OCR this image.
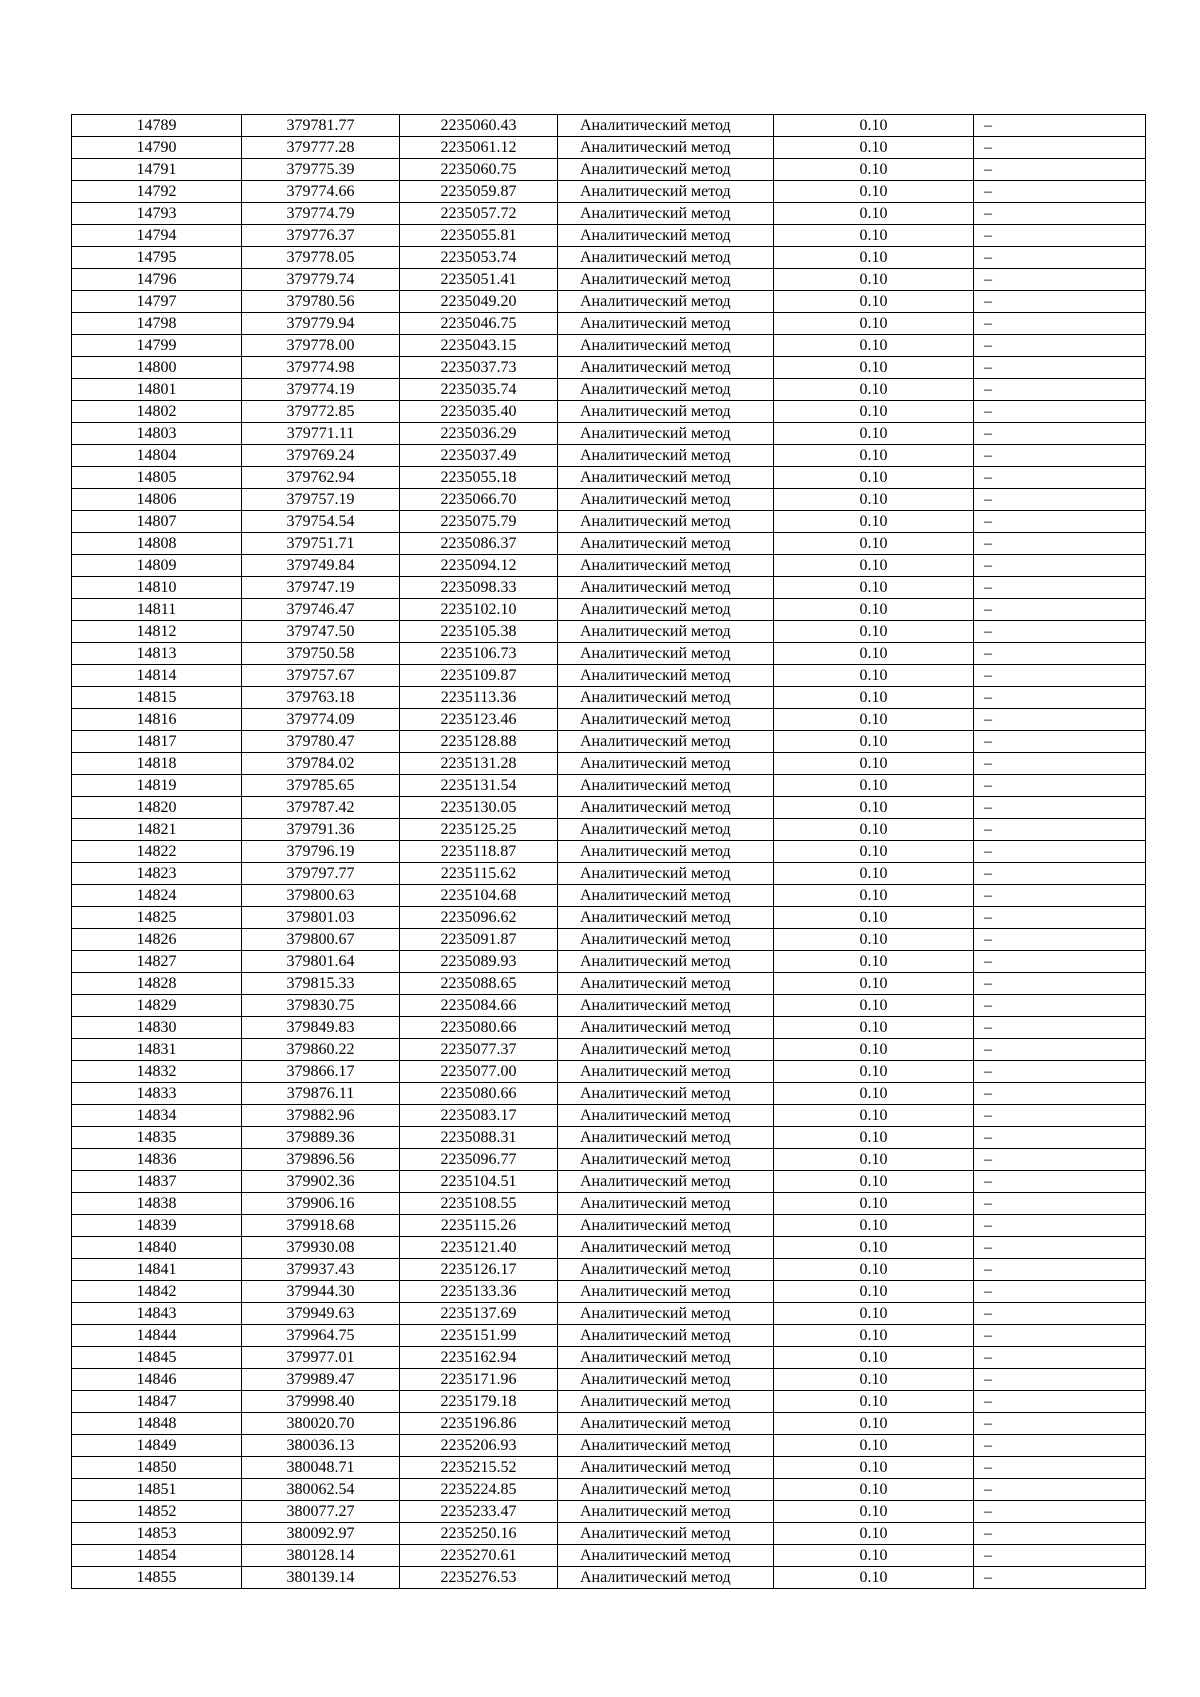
14789	379781.77	2235060.43	Аналитический метод	0.10	–
14790	379777.28	2235061.12	Аналитический метод	0.10	–
14791	379775.39	2235060.75	Аналитический метод	0.10	–
14792	379774.66	2235059.87	Аналитический метод	0.10	–
14793	379774.79	2235057.72	Аналитический метод	0.10	–
14794	379776.37	2235055.81	Аналитический метод	0.10	–
14795	379778.05	2235053.74	Аналитический метод	0.10	–
14796	379779.74	2235051.41	Аналитический метод	0.10	–
14797	379780.56	2235049.20	Аналитический метод	0.10	–
14798	379779.94	2235046.75	Аналитический метод	0.10	–
14799	379778.00	2235043.15	Аналитический метод	0.10	–
14800	379774.98	2235037.73	Аналитический метод	0.10	–
14801	379774.19	2235035.74	Аналитический метод	0.10	–
14802	379772.85	2235035.40	Аналитический метод	0.10	–
14803	379771.11	2235036.29	Аналитический метод	0.10	–
14804	379769.24	2235037.49	Аналитический метод	0.10	–
14805	379762.94	2235055.18	Аналитический метод	0.10	–
14806	379757.19	2235066.70	Аналитический метод	0.10	–
14807	379754.54	2235075.79	Аналитический метод	0.10	–
14808	379751.71	2235086.37	Аналитический метод	0.10	–
14809	379749.84	2235094.12	Аналитический метод	0.10	–
14810	379747.19	2235098.33	Аналитический метод	0.10	–
14811	379746.47	2235102.10	Аналитический метод	0.10	–
14812	379747.50	2235105.38	Аналитический метод	0.10	–
14813	379750.58	2235106.73	Аналитический метод	0.10	–
14814	379757.67	2235109.87	Аналитический метод	0.10	–
14815	379763.18	2235113.36	Аналитический метод	0.10	–
14816	379774.09	2235123.46	Аналитический метод	0.10	–
14817	379780.47	2235128.88	Аналитический метод	0.10	–
14818	379784.02	2235131.28	Аналитический метод	0.10	–
14819	379785.65	2235131.54	Аналитический метод	0.10	–
14820	379787.42	2235130.05	Аналитический метод	0.10	–
14821	379791.36	2235125.25	Аналитический метод	0.10	–
14822	379796.19	2235118.87	Аналитический метод	0.10	–
14823	379797.77	2235115.62	Аналитический метод	0.10	–
14824	379800.63	2235104.68	Аналитический метод	0.10	–
14825	379801.03	2235096.62	Аналитический метод	0.10	–
14826	379800.67	2235091.87	Аналитический метод	0.10	–
14827	379801.64	2235089.93	Аналитический метод	0.10	–
14828	379815.33	2235088.65	Аналитический метод	0.10	–
14829	379830.75	2235084.66	Аналитический метод	0.10	–
14830	379849.83	2235080.66	Аналитический метод	0.10	–
14831	379860.22	2235077.37	Аналитический метод	0.10	–
14832	379866.17	2235077.00	Аналитический метод	0.10	–
14833	379876.11	2235080.66	Аналитический метод	0.10	–
14834	379882.96	2235083.17	Аналитический метод	0.10	–
14835	379889.36	2235088.31	Аналитический метод	0.10	–
14836	379896.56	2235096.77	Аналитический метод	0.10	–
14837	379902.36	2235104.51	Аналитический метод	0.10	–
14838	379906.16	2235108.55	Аналитический метод	0.10	–
14839	379918.68	2235115.26	Аналитический метод	0.10	–
14840	379930.08	2235121.40	Аналитический метод	0.10	–
14841	379937.43	2235126.17	Аналитический метод	0.10	–
14842	379944.30	2235133.36	Аналитический метод	0.10	–
14843	379949.63	2235137.69	Аналитический метод	0.10	–
14844	379964.75	2235151.99	Аналитический метод	0.10	–
14845	379977.01	2235162.94	Аналитический метод	0.10	–
14846	379989.47	2235171.96	Аналитический метод	0.10	–
14847	379998.40	2235179.18	Аналитический метод	0.10	–
14848	380020.70	2235196.86	Аналитический метод	0.10	–
14849	380036.13	2235206.93	Аналитический метод	0.10	–
14850	380048.71	2235215.52	Аналитический метод	0.10	–
14851	380062.54	2235224.85	Аналитический метод	0.10	–
14852	380077.27	2235233.47	Аналитический метод	0.10	–
14853	380092.97	2235250.16	Аналитический метод	0.10	–
14854	380128.14	2235270.61	Аналитический метод	0.10	–
14855	380139.14	2235276.53	Аналитический метод	0.10	–
